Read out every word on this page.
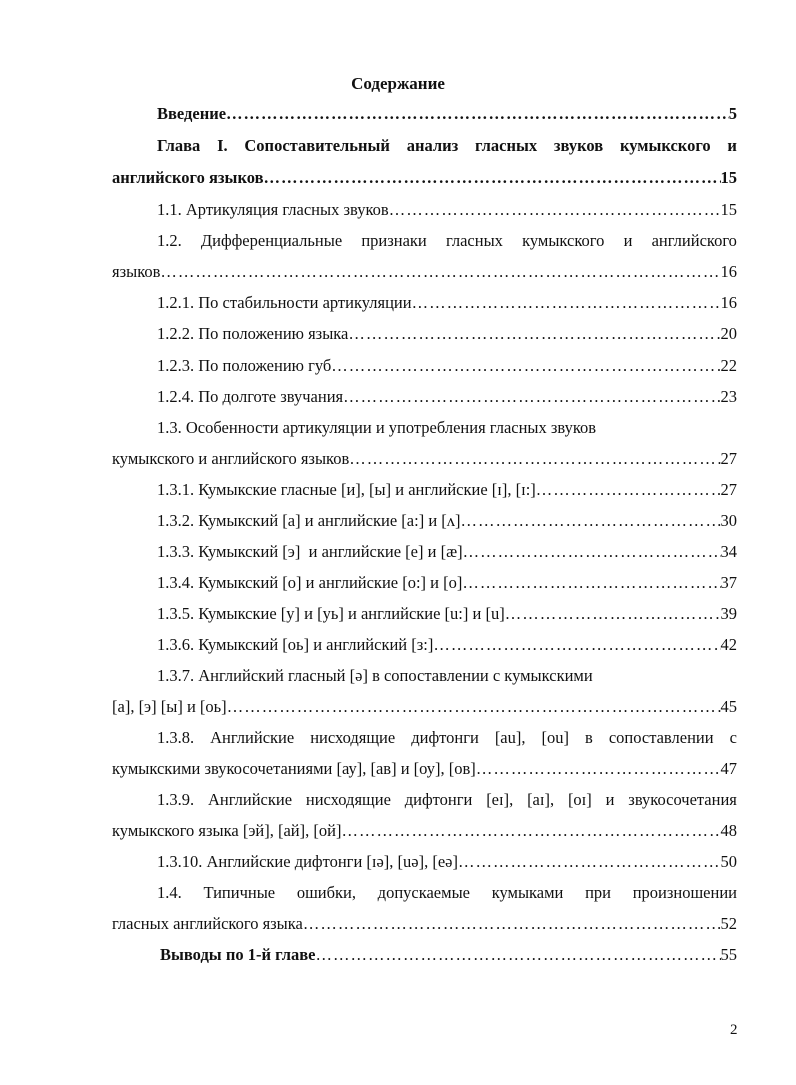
Содержание
Введение …………………………………………………………………………………………………………………………………………………………………………	5
Глава I. Сопоставительный анализ гласных звуков кумыкского и
английского языков …………………………………………………………………………………………………………………………………………………………………………	15
1.1. Артикуляция гласных звуков …………………………………………………………………………………………………………………………………………………………………………	15
1.2. Дифференциальные признаки гласных кумыкского и английского
языков …………………………………………………………………………………………………………………………………………………………………………	16
1.2.1. По стабильности артикуляции …………………………………………………………………………………………………………………………………………………………………………	16
1.2.2. По положению языка …………………………………………………………………………………………………………………………………………………………………………	20
1.2.3. По положению губ …………………………………………………………………………………………………………………………………………………………………………	22
1.2.4. По долготе звучания …………………………………………………………………………………………………………………………………………………………………………	23
1.3. Особенности артикуляции и употребления гласных звуков
кумыкского и английского языков …………………………………………………………………………………………………………………………………………………………………………	27
1.3.1. Кумыкские гласные [и], [ы] и английские [ɪ], [ɪ:] …………………………………………………………………………………………………………………………………………………………………………	27
1.3.2. Кумыкский [а] и английские [a:] и [ʌ] …………………………………………………………………………………………………………………………………………………………………………	30
1.3.3. Кумыкский [э]  и английские [e] и [æ] …………………………………………………………………………………………………………………………………………………………………………	34
1.3.4. Кумыкский [о] и английские [о:] и [о] …………………………………………………………………………………………………………………………………………………………………………	37
1.3.5. Кумыкские [у] и [уь] и английские [u:] и [u] …………………………………………………………………………………………………………………………………………………………………………	39
1.3.6. Кумыкский [оь] и английский [з:] …………………………………………………………………………………………………………………………………………………………………………	42
1.3.7. Английский гласный [ә] в сопоставлении с кумыкскими
[а], [э] [ы] и [оь] …………………………………………………………………………………………………………………………………………………………………………	45
1.3.8. Английские нисходящие дифтонги [au], [ou] в сопоставлении с
кумыкскими звукосочетаниями [ау], [ав] и [оу], [ов] …………………………………………………………………………………………………………………………………………………………………………	47
1.3.9. Английские нисходящие дифтонги [eɪ], [aɪ], [oɪ] и звукосочетания
кумыкского языка [эй], [ай], [ой] …………………………………………………………………………………………………………………………………………………………………………	48
1.3.10. Английские дифтонги [ɪә], [uә], [eә] …………………………………………………………………………………………………………………………………………………………………………	50
1.4. Типичные ошибки, допускаемые кумыками при произношении
гласных английского языка …………………………………………………………………………………………………………………………………………………………………………	52
Выводы по 1-й главе …………………………………………………………………………………………………………………………………………………………………………	55
2
